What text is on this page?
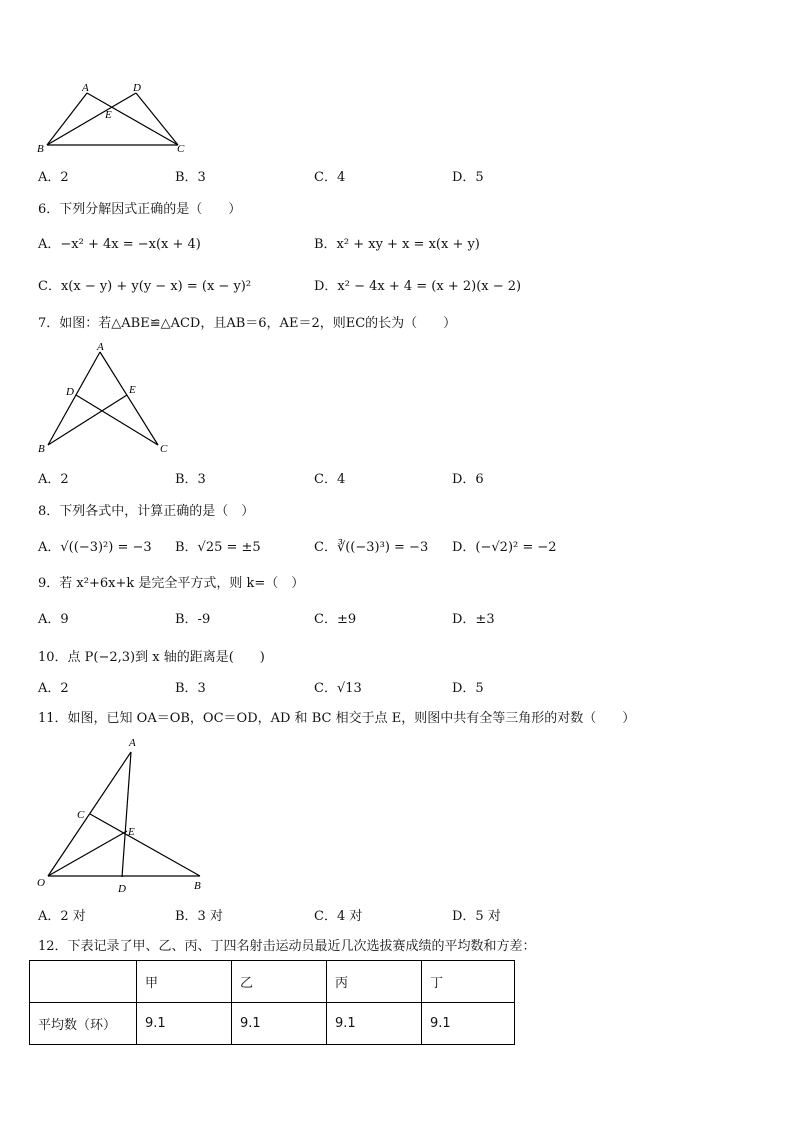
A	D
E
B	C
A．2	B．3	C．4	D．5
6．下列分解因式正确的是（　　）
A．−x² + 4x = −x(x + 4)	B．x² + xy + x = x(x + y)
C．x(x − y) + y(y − x) = (x − y)²	D．x² − 4x + 4 = (x + 2)(x − 2)
7．如图：若△ABE≌△ACD，且AB＝6，AE＝2，则EC的长为（　　）
A
D	E
B	C
A．2	B．3	C．4	D．6
8．下列各式中，计算正确的是（　）
A．√((−3)²) = −3 B．√25 = ±5	C．∛((−3)³) = −3 D．(−√2)² = −2
9．若 x²+6x+k 是完全平方式，则 k=（　）
A．9	B．-9	C．±9	D．±3
10．点 P(−2,3)到 x 轴的距离是(　　)
A．2	B．3	C．√13	D．5
11．如图，已知 OA＝OB，OC＝OD，AD 和 BC 相交于点 E，则图中共有全等三角形的对数（　　）
A
C
E
O	D	B
A．2 对	B．3 对	C．4 对	D．5 对
12．下表记录了甲、乙、丙、丁四名射击运动员最近几次选拔赛成绩的平均数和方差：
	甲	乙	丙	丁
平均数（环）	9.1	9.1	9.1	9.1
